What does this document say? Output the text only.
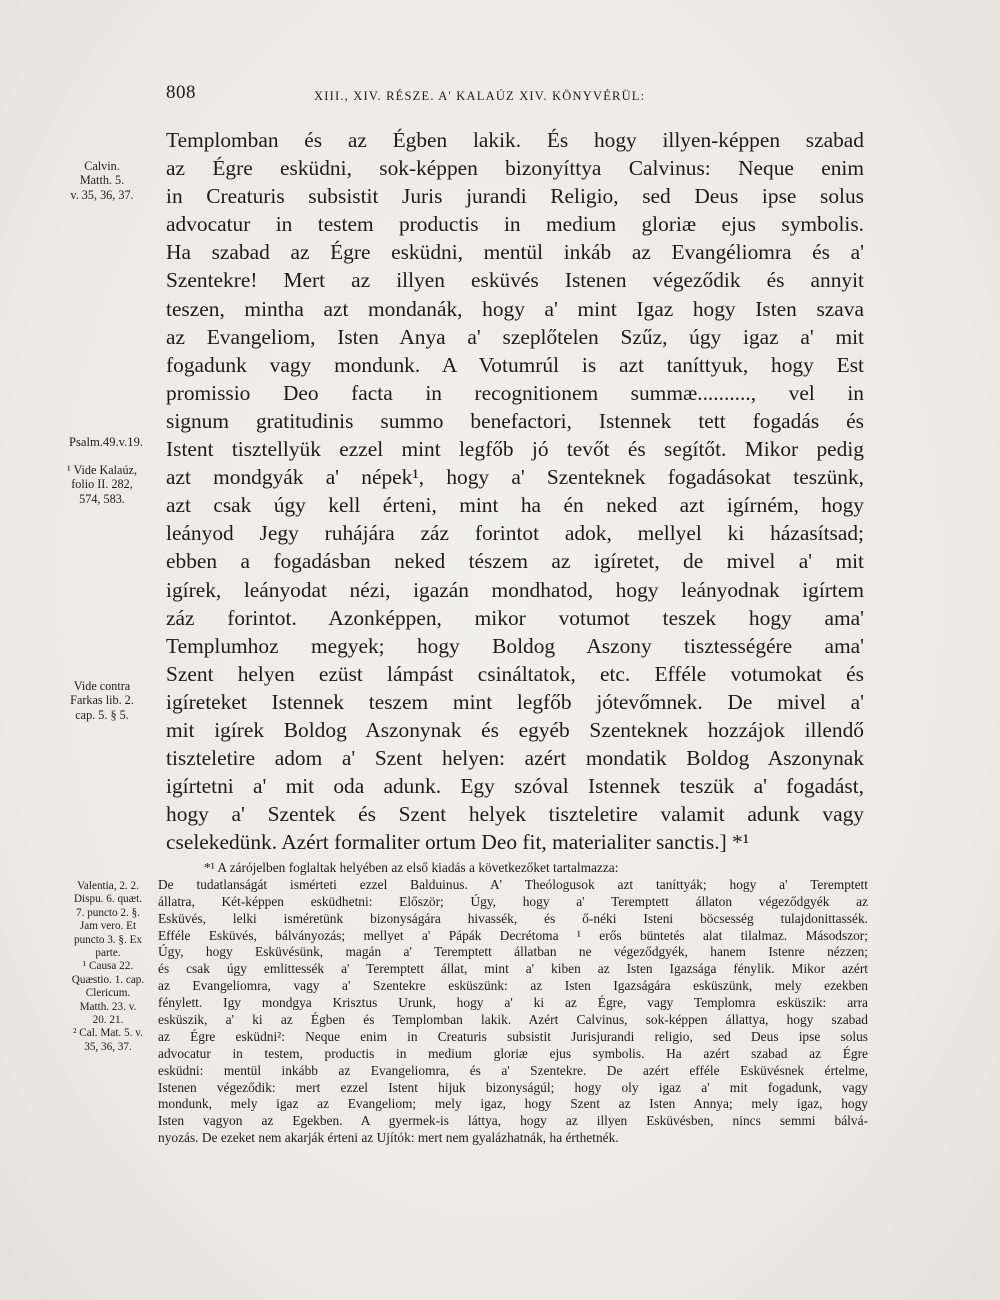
808	XIII., XIV. RÉSZE. A' KALAÚZ XIV. KÖNYVÉRÜL:
Calvin.
Matth. 5.
v. 35, 36, 37.
Psalm.49.v.19.
¹ Vide Kalaúz,
folio II. 282,
574, 583.
Vide contra
Farkas lib. 2.
cap. 5. § 5.
Templomban és az Égben lakik. És hogy illyen-képpen szabad
az Égre esküdni, sok-képpen bizonyíttya Calvinus: Neque enim
in Creaturis subsistit Juris jurandi Religio, sed Deus ipse solus
advocatur in testem productis in medium gloriæ ejus symbolis.
Ha szabad az Égre esküdni, mentül inkáb az Evangéliomra és a'
Szentekre! Mert az illyen esküvés Istenen végeződik és annyit
teszen, mintha azt mondanák, hogy a' mint Igaz hogy Isten szava
az Evangeliom, Isten Anya a' szeplőtelen Szűz, úgy igaz a' mit
fogadunk vagy mondunk. A Votumrúl is azt taníttyuk, hogy Est
promissio Deo facta in recognitionem summæ.........., vel in
signum gratitudinis summo benefactori, Istennek tett fogadás és
Istent tisztellyük ezzel mint legfőb jó tevőt és segítőt. Mikor pedig
azt mondgyák a' népek¹, hogy a' Szenteknek fogadásokat teszünk,
azt csak úgy kell érteni, mint ha én neked azt igírném, hogy
leányod Jegy ruhájára záz forintot adok, mellyel ki házasítsad;
ebben a fogadásban neked tészem az igíretet, de mivel a' mit
igírek, leányodat nézi, igazán mondhatod, hogy leányodnak igírtem
záz forintot. Azonképpen, mikor votumot teszek hogy ama'
Templumhoz megyek; hogy Boldog Aszony tisztességére ama'
Szent helyen ezüst lámpást csináltatok, etc. Efféle votumokat és
igíreteket Istennek teszem mint legfőb jótevőmnek. De mivel a'
mit igírek Boldog Aszonynak és egyéb Szenteknek hozzájok illendő
tiszteletire adom a' Szent helyen: azért mondatik Boldog Aszonynak
igírtetni a' mit oda adunk. Egy szóval Istennek teszük a' fogadást,
hogy a' Szentek és Szent helyek tiszteletire valamit adunk vagy
cselekedünk. Azért formaliter ortum Deo fit, materialiter sanctis.] *¹
Valentia, 2. 2.
Dispu. 6. quæt.
7. puncto 2. §.
Jam vero. Et
puncto 3. §. Ex
parte.
¹ Causa 22.
Quæstio. 1. cap.
Clericum.
Matth. 23. v.
20. 21.
² Cal. Mat. 5. v.
35, 36, 37.
*¹ A zárójelben foglaltak helyében az első kiadás a következőket tartalmazza:
De tudatlanságát ismérteti ezzel Balduinus. A' Theólogusok azt taníttyák; hogy a' Teremptett
állatra, Két-képpen esküdhetni: Először; Úgy, hogy a' Teremptett állaton végeződgyék az
Esküvés, lelki isméretünk bizonyságára hivassék, és ő-néki Isteni böcsesség tulajdonittassék.
Efféle Esküvés, bálványozás; mellyet a' Pápák Decrétoma ¹ erős büntetés alat tilalmaz. Másodszor;
Úgy, hogy Esküvésünk, magán a' Teremptett állatban ne végeződgyék, hanem Istenre nézzen;
és csak úgy emlittessék a' Teremptett állat, mint a' kiben az Isten Igazsága fénylik. Mikor azért
az Evangeliomra, vagy a' Szentekre esküszünk: az Isten Igazságára esküszünk, mely ezekben
fénylett. Igy mondgya Krisztus Urunk, hogy a' ki az Égre, vagy Templomra esküszik: arra
esküszik, a' ki az Égben és Templomban lakik. Azért Calvinus, sok-képpen állattya, hogy szabad
az Égre esküdni²: Neque enim in Creaturis subsistit Jurisjurandi religio, sed Deus ipse solus
advocatur in testem, productis in medium gloriæ ejus symbolis. Ha azért szabad az Égre
esküdni: mentül inkább az Evangeliomra, és a' Szentekre. De azért efféle Esküvésnek értelme,
Istenen végeződik: mert ezzel Istent hijuk bizonyságúl; hogy oly igaz a' mit fogadunk, vagy
mondunk, mely igaz az Evangeliom; mely igaz, hogy Szent az Isten Annya; mely igaz, hogy
Isten vagyon az Egekben. A gyermek-is láttya, hogy az illyen Esküvésben, nincs semmi bálvá-
nyozás. De ezeket nem akarják érteni az Ujítók: mert nem gyalázhatnák, ha érthetnék.
